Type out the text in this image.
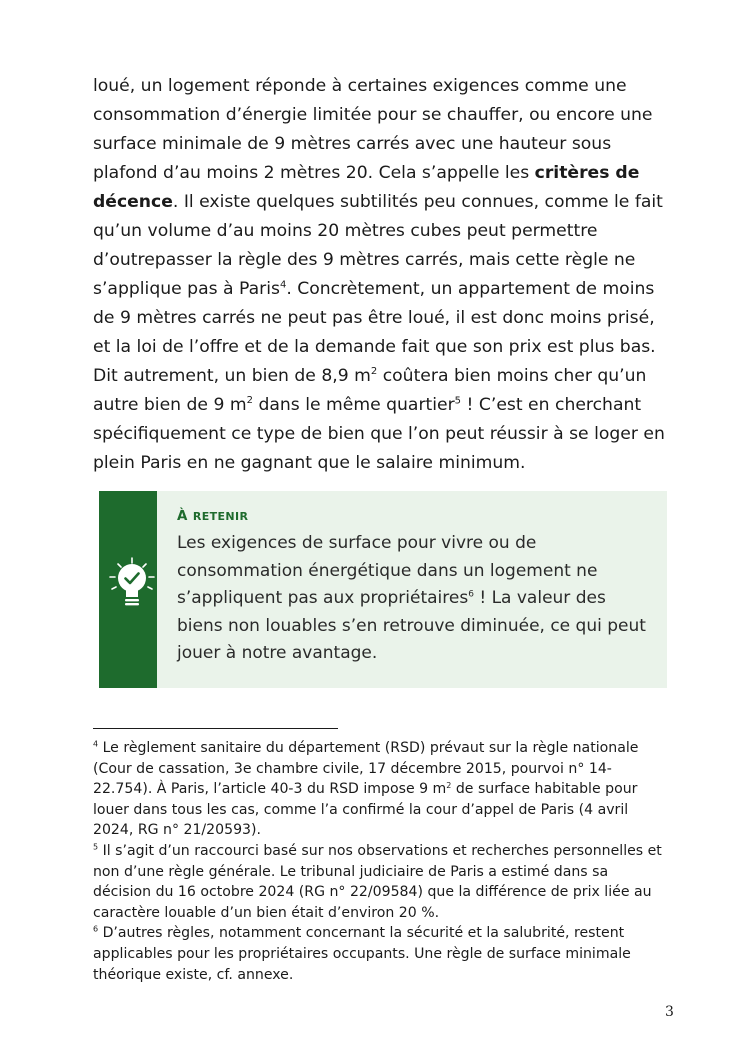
loué, un logement réponde à certaines exigences comme une consommation d’énergie limitée pour se chauffer, ou encore une surface minimale de 9 mètres carrés avec une hauteur sous plafond d’au moins 2 mètres 20. Cela s’appelle les critères de décence. Il existe quelques subtilités peu connues, comme le fait qu’un volume d’au moins 20 mètres cubes peut permettre d’outrepasser la règle des 9 mètres carrés, mais cette règle ne s’applique pas à Paris$^4$. Concrètement, un appartement de moins de 9 mètres carrés ne peut pas être loué, il est donc moins prisé, et la loi de l’offre et de la demande fait que son prix est plus bas. Dit autrement, un bien de 8,9 $m^2$ coûtera bien moins cher qu’un autre bien de 9 $m^2$ dans le même quartier$^5$ ! C’est en cherchant spécifiquement ce type de bien que l’on peut réussir à se loger en plein Paris en ne gagnant que le salaire minimum.

À RETENIR
Les exigences de surface pour vivre ou de consommation énergétique dans un logement ne s’appliquent pas aux propriétaires$^6$ ! La valeur des biens non louables s’en retrouve diminuée, ce qui peut jouer à notre avantage.
$^4$ Le règlement sanitaire du département (RSD) prévaut sur la règle nationale (Cour de cassation, 3e chambre civile, 17 décembre 2015, pourvoi n° 14-22.754). À Paris, l’article 40-3 du RSD impose 9 $m^2$ de surface habitable pour louer dans tous les cas, comme l’a confirmé la cour d’appel de Paris (4 avril 2024, RG n° 21/20593).
$^5$ Il s’agit d’un raccourci basé sur nos observations et recherches personnelles et non d’une règle générale. Le tribunal judiciaire de Paris a estimé dans sa décision du 16 octobre 2024 (RG n° 22/09584) que la différence de prix liée au caractère louable d’un bien était d’environ 20 %.
$^6$ D’autres règles, notamment concernant la sécurité et la salubrité, restent applicables pour les propriétaires occupants. Une règle de surface minimale théorique existe, cf. annexe.
3
